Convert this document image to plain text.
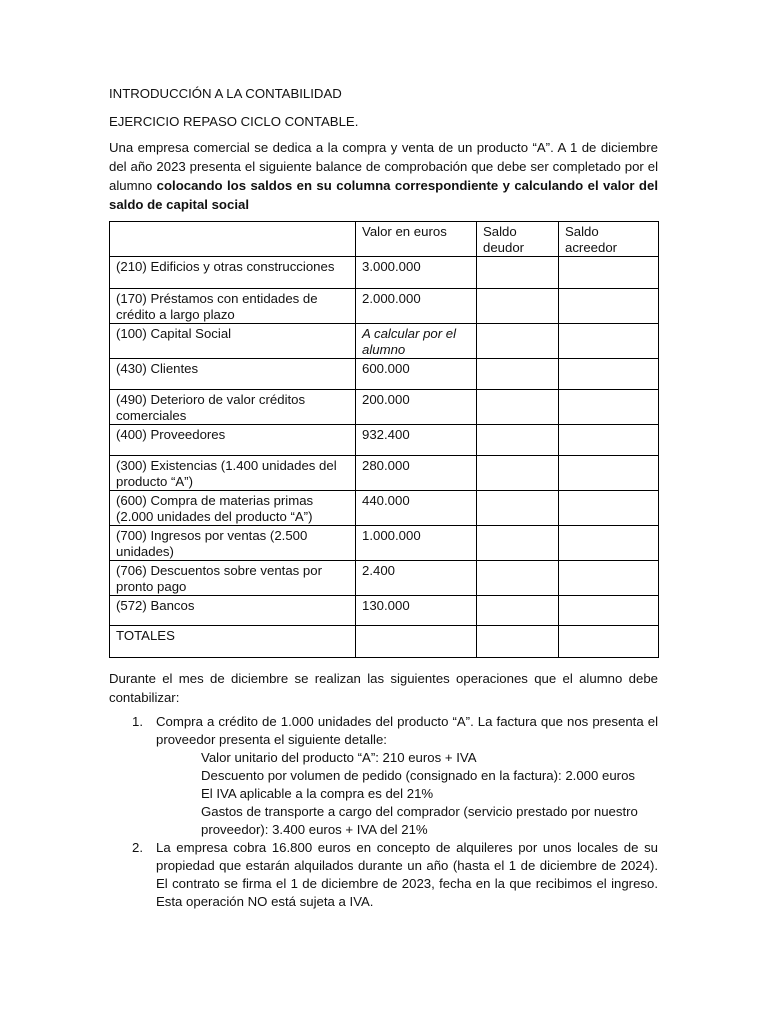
INTRODUCCIÓN A LA CONTABILIDAD
EJERCICIO REPASO CICLO CONTABLE.
Una empresa comercial se dedica a la compra y venta de un producto “A”. A 1 de diciembre del año 2023 presenta el siguiente balance de comprobación que debe ser completado por el alumno colocando los saldos en su columna correspondiente y calculando el valor del saldo de capital social
	Valor en euros	Saldo deudor	Saldo acreedor
(210) Edificios y otras construcciones	3.000.000		
(170) Préstamos con entidades de crédito a largo plazo	2.000.000		
(100) Capital Social	A calcular por el alumno		
(430) Clientes	600.000		
(490) Deterioro de valor créditos comerciales	200.000		
(400) Proveedores	932.400		
(300) Existencias (1.400 unidades del producto “A”)	280.000		
(600) Compra de materias primas (2.000 unidades del producto “A”)	440.000		
(700) Ingresos por ventas (2.500 unidades)	1.000.000		
(706) Descuentos sobre ventas por pronto pago	2.400		
(572) Bancos	130.000		
TOTALES			
Durante el mes de diciembre se realizan las siguientes operaciones que el alumno debe contabilizar:
1. Compra a crédito de 1.000 unidades del producto “A”. La factura que nos presenta el proveedor presenta el siguiente detalle:
Valor unitario del producto “A”: 210 euros + IVA
Descuento por volumen de pedido (consignado en la factura): 2.000 euros
El IVA aplicable a la compra es del 21%
Gastos de transporte a cargo del comprador (servicio prestado por nuestro proveedor): 3.400 euros + IVA del 21%
2. La empresa cobra 16.800 euros en concepto de alquileres por unos locales de su propiedad que estarán alquilados durante un año (hasta el 1 de diciembre de 2024). El contrato se firma el 1 de diciembre de 2023, fecha en la que recibimos el ingreso. Esta operación NO está sujeta a IVA.
